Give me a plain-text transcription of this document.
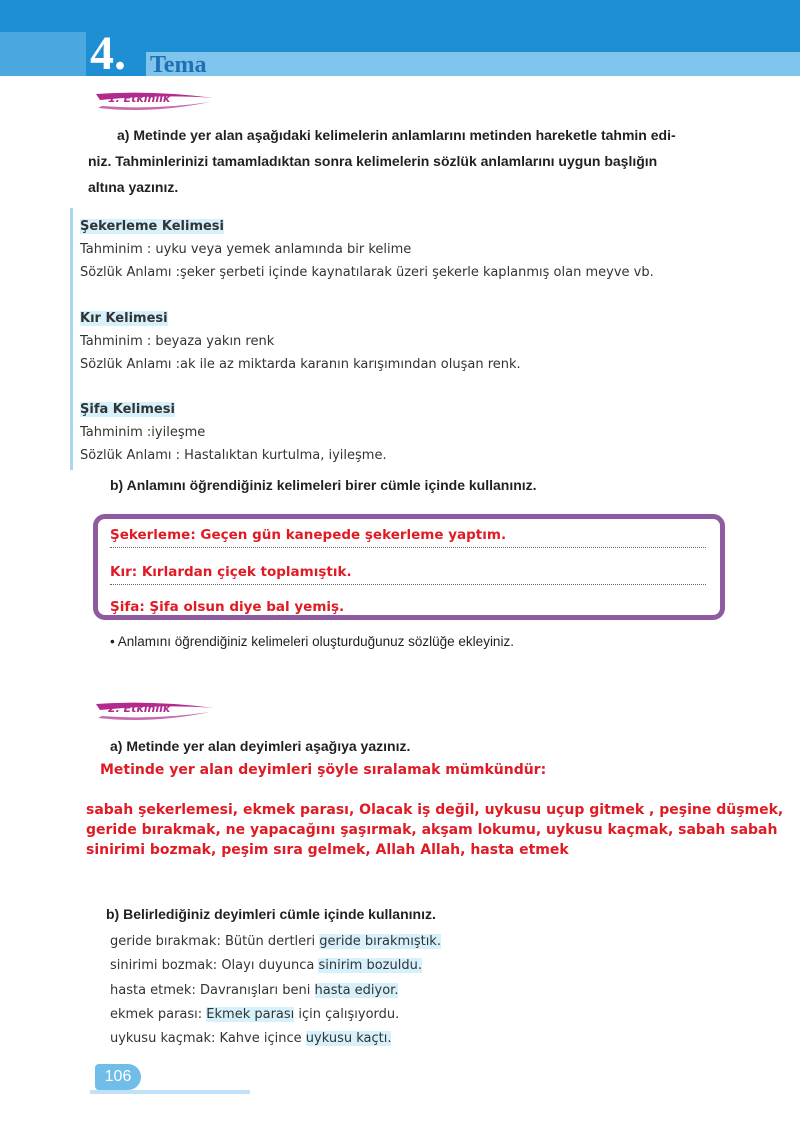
4. Tema
1. Etkinlik
a) Metinde yer alan aşağıdaki kelimelerin anlamlarını metinden hareketle tahmin edi-
niz. Tahminlerinizi tamamladıktan sonra kelimelerin sözlük anlamlarını uygun başlığın
altına yazınız.
Şekerleme Kelimesi
Tahminim : uyku veya yemek anlamında bir kelime
Sözlük Anlamı :şeker şerbeti içinde kaynatılarak üzeri şekerle kaplanmış olan meyve vb.
Kır Kelimesi
Tahminim : beyaza yakın renk
Sözlük Anlamı :ak ile az miktarda karanın karışımından oluşan renk.
Şifa Kelimesi
Tahminim :iyileşme
Sözlük Anlamı : Hastalıktan kurtulma, iyileşme.
b) Anlamını öğrendiğiniz kelimeleri birer cümle içinde kullanınız.
Şekerleme: Geçen gün kanepede şekerleme yaptım.
Kır: Kırlardan çiçek toplamıştık.
Şifa: Şifa olsun diye bal yemiş.
• Anlamını öğrendiğiniz kelimeleri oluşturduğunuz sözlüğe ekleyiniz.
2. Etkinlik
a) Metinde yer alan deyimleri aşağıya yazınız.
Metinde yer alan deyimleri şöyle sıralamak mümkündür:
sabah şekerlemesi, ekmek parası, Olacak iş değil, uykusu uçup gitmek , peşine düşmek,
geride bırakmak, ne yapacağını şaşırmak, akşam lokumu, uykusu kaçmak, sabah sabah
sinirimi bozmak, peşim sıra gelmek, Allah Allah, hasta etmek
b) Belirlediğiniz deyimleri cümle içinde kullanınız.
geride bırakmak: Bütün dertleri geride bırakmıştık.
sinirimi bozmak: Olayı duyunca sinirim bozuldu.
hasta etmek: Davranışları beni hasta ediyor.
ekmek parası: Ekmek parası için çalışıyordu.
uykusu kaçmak: Kahve içince uykusu kaçtı.
106
